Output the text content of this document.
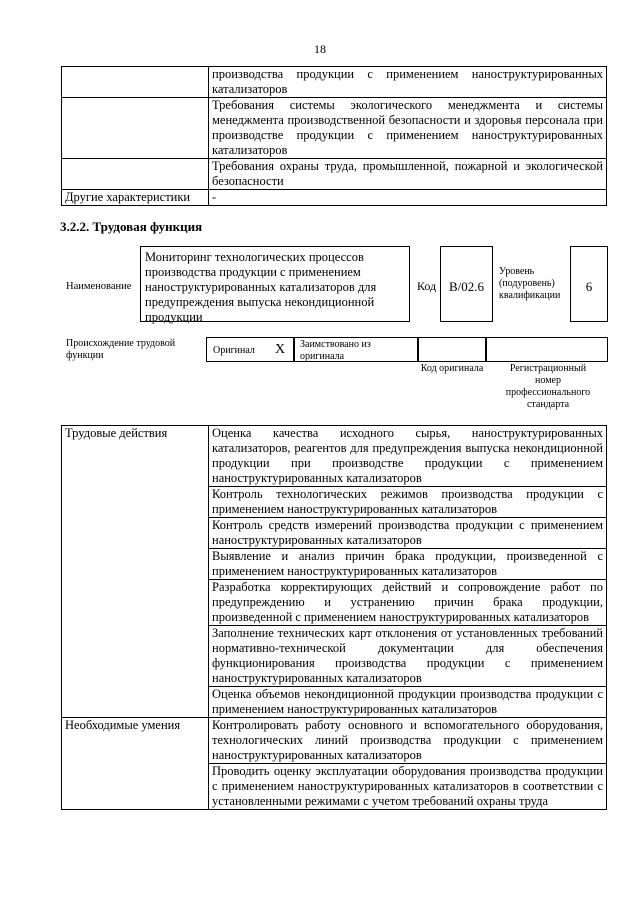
18
	производства продукции с применением наноструктурированных катализаторов
	Требования системы экологического менеджмента и системы менеджмента производственной безопасности и здоровья персонала при производстве продукции с применением наноструктурированных катализаторов
	Требования охраны труда, промышленной, пожарной и экологической безопасности
Другие характеристики	-
3.2.2. Трудовая функция
Наименование
Мониторинг технологических процессов производства продукции с применением наноструктурированных катализаторов для предупреждения выпуска некондиционной продукции
Код B/02.6
Уровень (подуровень) квалификации
6
Происхождение трудовой функции	Оригинал X Заимствовано из оригинала
Код оригинала	Регистрационный номер профессионального стандарта
Трудовые действия	Оценка качества исходного сырья, наноструктурированных катализаторов, реагентов для предупреждения выпуска некондиционной продукции при производстве продукции с применением наноструктурированных катализаторов
	Контроль технологических режимов производства продукции с применением наноструктурированных катализаторов
	Контроль средств измерений производства продукции с применением наноструктурированных катализаторов
	Выявление и анализ причин брака продукции, произведенной с применением наноструктурированных катализаторов
	Разработка корректирующих действий и сопровождение работ по предупреждению и устранению причин брака продукции, произведенной с применением наноструктурированных катализаторов
	Заполнение технических карт отклонения от установленных требований нормативно-технической документации для обеспечения функционирования производства продукции с применением наноструктурированных катализаторов
	Оценка объемов некондиционной продукции производства продукции с применением наноструктурированных катализаторов
Необходимые умения	Контролировать работу основного и вспомогательного оборудования, технологических линий производства продукции с применением наноструктурированных катализаторов
	Проводить оценку эксплуатации оборудования производства продукции с применением наноструктурированных катализаторов в соответствии с установленными режимами с учетом требований охраны труда
